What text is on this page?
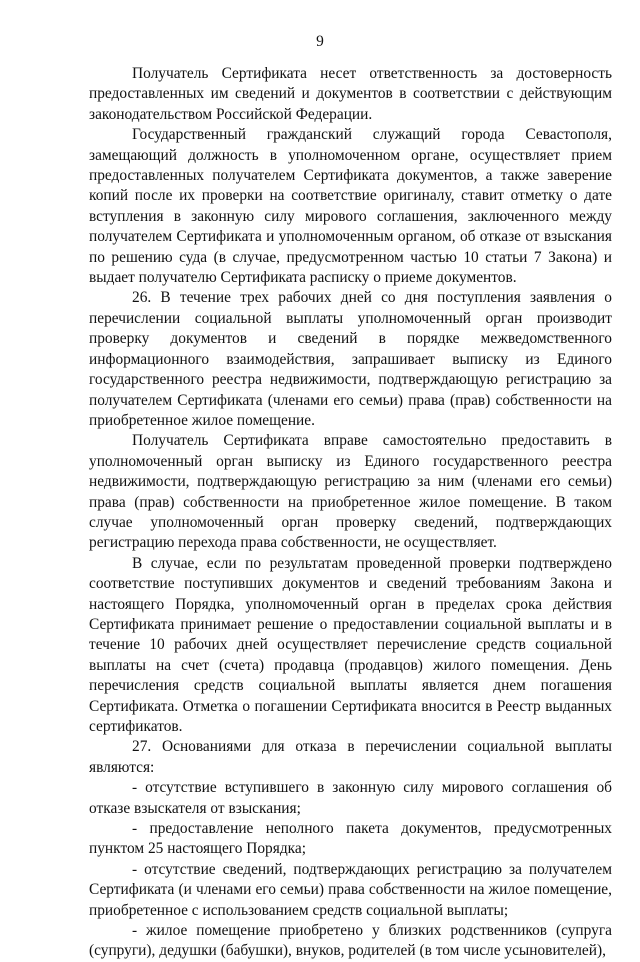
9

Получатель Сертификата несет ответственность за достоверность предоставленных им сведений и документов в соответствии с действующим законодательством Российской Федерации.

Государственный гражданский служащий города Севастополя, замещающий должность в уполномоченном органе, осуществляет прием предоставленных получателем Сертификата документов, а также заверение копий после их проверки на соответствие оригиналу, ставит отметку о дате вступления в законную силу мирового соглашения, заключенного между получателем Сертификата и уполномоченным органом, об отказе от взыскания по решению суда (в случае, предусмотренном частью 10 статьи 7 Закона) и выдает получателю Сертификата расписку о приеме документов.

26. В течение трех рабочих дней со дня поступления заявления о перечислении социальной выплаты уполномоченный орган производит проверку документов и сведений в порядке межведомственного информационного взаимодействия, запрашивает выписку из Единого государственного реестра недвижимости, подтверждающую регистрацию за получателем Сертификата (членами его семьи) права (прав) собственности на приобретенное жилое помещение.

Получатель Сертификата вправе самостоятельно предоставить в уполномоченный орган выписку из Единого государственного реестра недвижимости, подтверждающую регистрацию за ним (членами его семьи) права (прав) собственности на приобретенное жилое помещение. В таком случае уполномоченный орган проверку сведений, подтверждающих регистрацию перехода права собственности, не осуществляет.

В случае, если по результатам проведенной проверки подтверждено соответствие поступивших документов и сведений требованиям Закона и настоящего Порядка, уполномоченный орган в пределах срока действия Сертификата принимает решение о предоставлении социальной выплаты и в течение 10 рабочих дней осуществляет перечисление средств социальной выплаты на счет (счета) продавца (продавцов) жилого помещения. День перечисления средств социальной выплаты является днем погашения Сертификата. Отметка о погашении Сертификата вносится в Реестр выданных сертификатов.

27. Основаниями для отказа в перечислении социальной выплаты являются:

- отсутствие вступившего в законную силу мирового соглашения об отказе взыскателя от взыскания;

- предоставление неполного пакета документов, предусмотренных пунктом 25 настоящего Порядка;

- отсутствие сведений, подтверждающих регистрацию за получателем Сертификата (и членами его семьи) права собственности на жилое помещение, приобретенное с использованием средств социальной выплаты;

- жилое помещение приобретено у близких родственников (супруга (супруги), дедушки (бабушки), внуков, родителей (в том числе усыновителей),
